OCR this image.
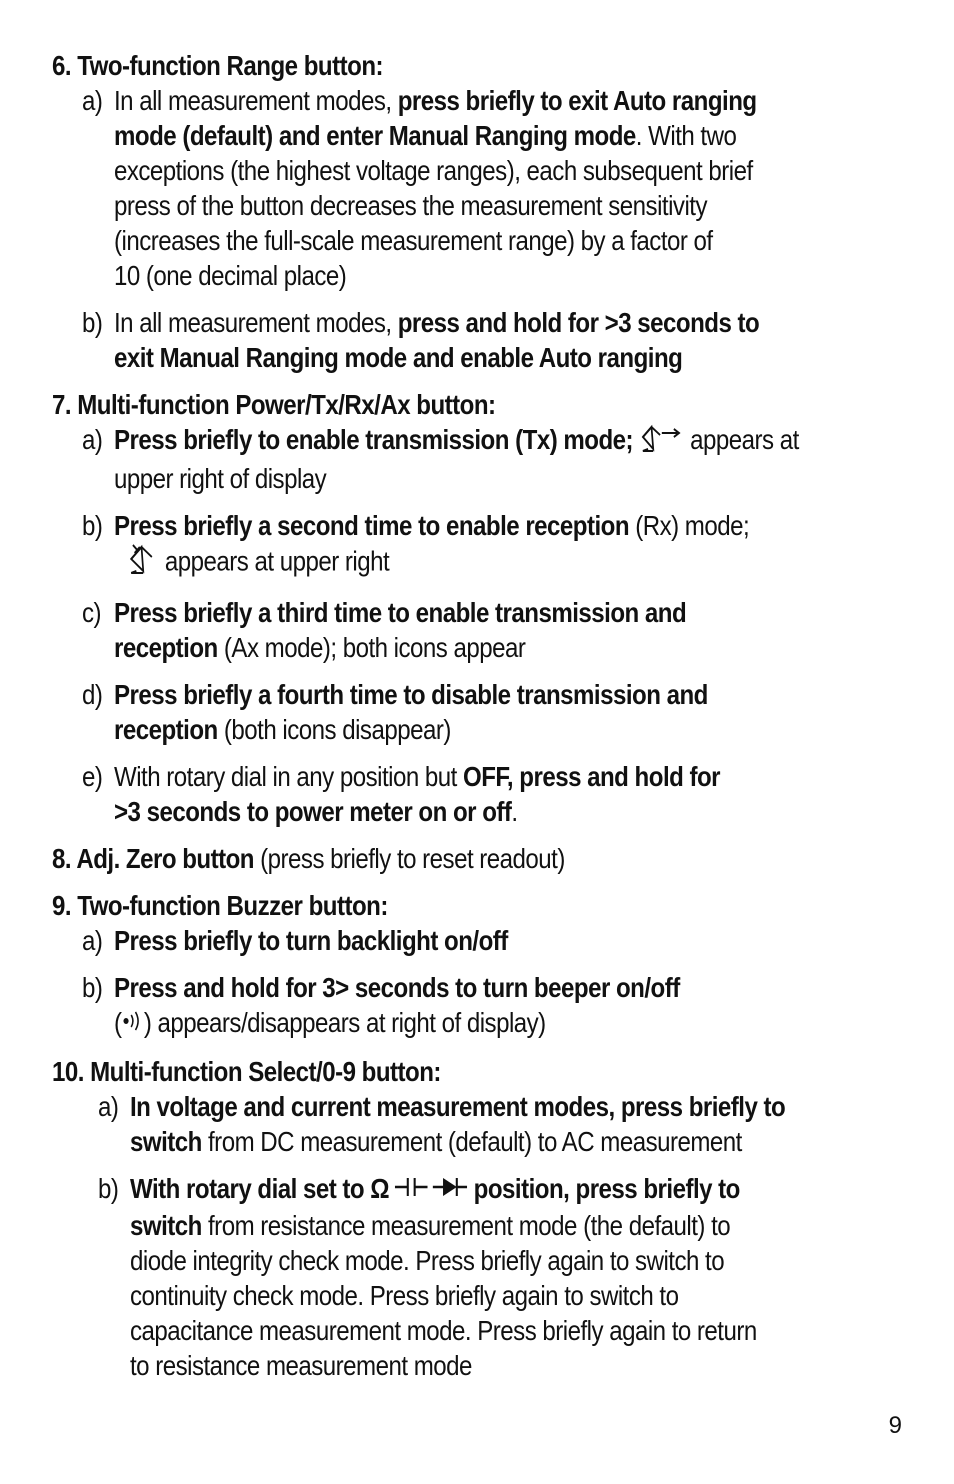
6. Two-function Range button:
a) In all measurement modes, press briefly to exit Auto ranging
mode (default) and enter Manual Ranging mode. With two
exceptions (the highest voltage ranges), each subsequent brief
press of the button decreases the measurement sensitivity
(increases the full-scale measurement range) by a factor of
10 (one decimal place)
b) In all measurement modes, press and hold for >3 seconds to
exit Manual Ranging mode and enable Auto ranging
7. Multi-function Power/Tx/Rx/Ax button:
a) Press briefly to enable transmission (Tx) mode;  appears at
upper right of display
b) Press briefly a second time to enable reception (Rx) mode;
appears at upper right
c) Press briefly a third time to enable transmission and
reception (Ax mode); both icons appear
d) Press briefly a fourth time to disable transmission and
reception (both icons disappear)
e) With rotary dial in any position but OFF, press and hold for
>3 seconds to power meter on or off.
8. Adj. Zero button (press briefly to reset readout)
9. Two-function Buzzer button:
a) Press briefly to turn backlight on/off
b) Press and hold for 3> seconds to turn beeper on/off
( ) appears/disappears at right of display)
10. Multi-function Select/0-9 button:
a) In voltage and current measurement modes, press briefly to
switch from DC measurement (default) to AC measurement
b) With rotary dial set to Ω	position, press briefly to
switch from resistance measurement mode (the default) to
diode integrity check mode. Press briefly again to switch to
continuity check mode. Press briefly again to switch to
capacitance measurement mode. Press briefly again to return
to resistance measurement mode
9
